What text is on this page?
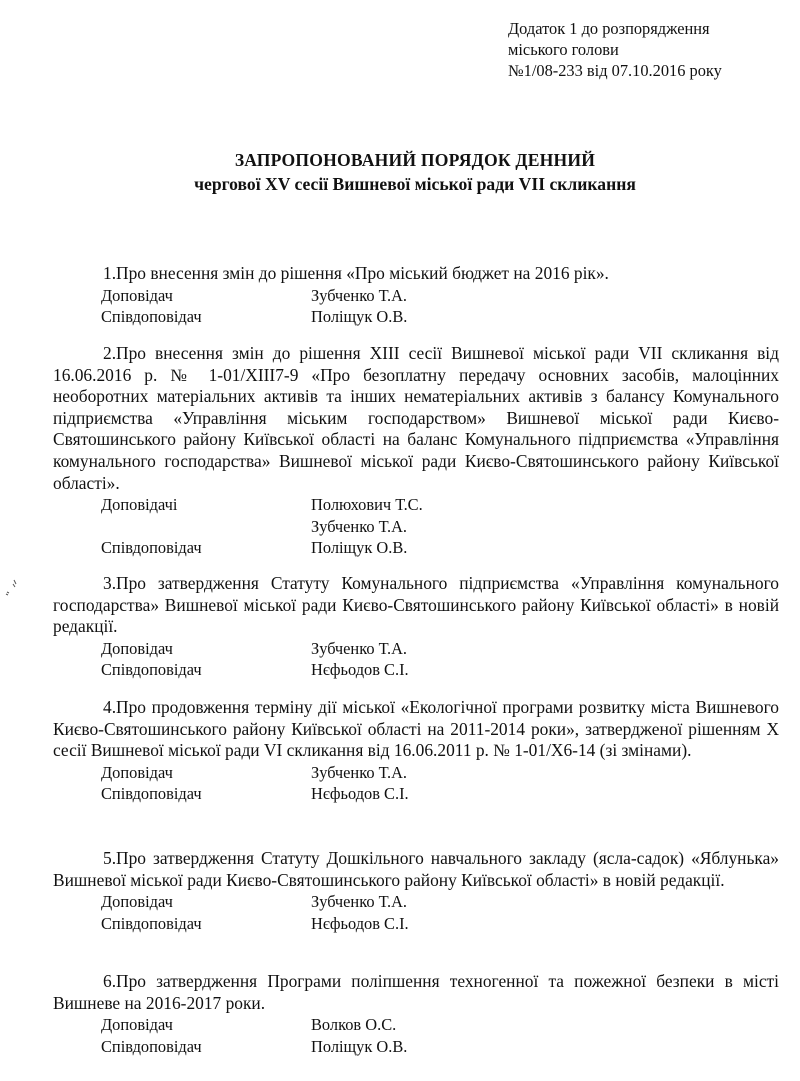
Додаток 1 до розпорядження
міського голови
№1/08-233 від 07.10.2016 року
ЗАПРОПОНОВАНИЙ ПОРЯДОК ДЕННИЙ
чергової XV сесії Вишневої міської ради VII скликання
1.Про внесення змін до рішення «Про міський бюджет на 2016 рік».
Доповідач	Зубченко Т.А.
Співдоповідач	Поліщук О.В.
2.Про внесення змін до рішення XIII сесії Вишневої міської ради VII скликання від 16.06.2016 р. № 1-01/XIII7-9 «Про безоплатну передачу основних засобів, малоцінних необоротних матеріальних активів та інших нематеріальних активів з балансу Комунального підприємства «Управління міським господарством» Вишневої міської ради Києво-Святошинського району Київської області на баланс Комунального підприємства «Управління комунального господарства» Вишневої міської ради Києво-Святошинського району Київської області».
Доповідачі	Полюхович Т.С.
Зубченко Т.А.
Співдоповідач	Поліщук О.В.
3.Про затвердження Статуту Комунального підприємства «Управління комунального господарства» Вишневої міської ради Києво-Святошинського району Київської області» в новій редакції.
Доповідач	Зубченко Т.А.
Співдоповідач	Нєфьодов С.І.
4.Про продовження терміну дії міської «Екологічної програми розвитку міста Вишневого Києво-Святошинського району Київської області на 2011-2014 роки», затвердженої рішенням X сесії Вишневої міської ради VI скликання від 16.06.2011 р. № 1-01/X6-14 (зі змінами).
Доповідач	Зубченко Т.А.
Співдоповідач	Нєфьодов С.І.
5.Про затвердження Статуту Дошкільного навчального закладу (ясла-садок) «Яблунька» Вишневої міської ради Києво-Святошинського району Київської області» в новій редакції.
Доповідач	Зубченко Т.А.
Співдоповідач	Нєфьодов С.І.
6.Про затвердження Програми поліпшення техногенної та пожежної безпеки в місті Вишневе на 2016-2017 роки.
Доповідач	Волков О.С.
Співдоповідач	Поліщук О.В.
